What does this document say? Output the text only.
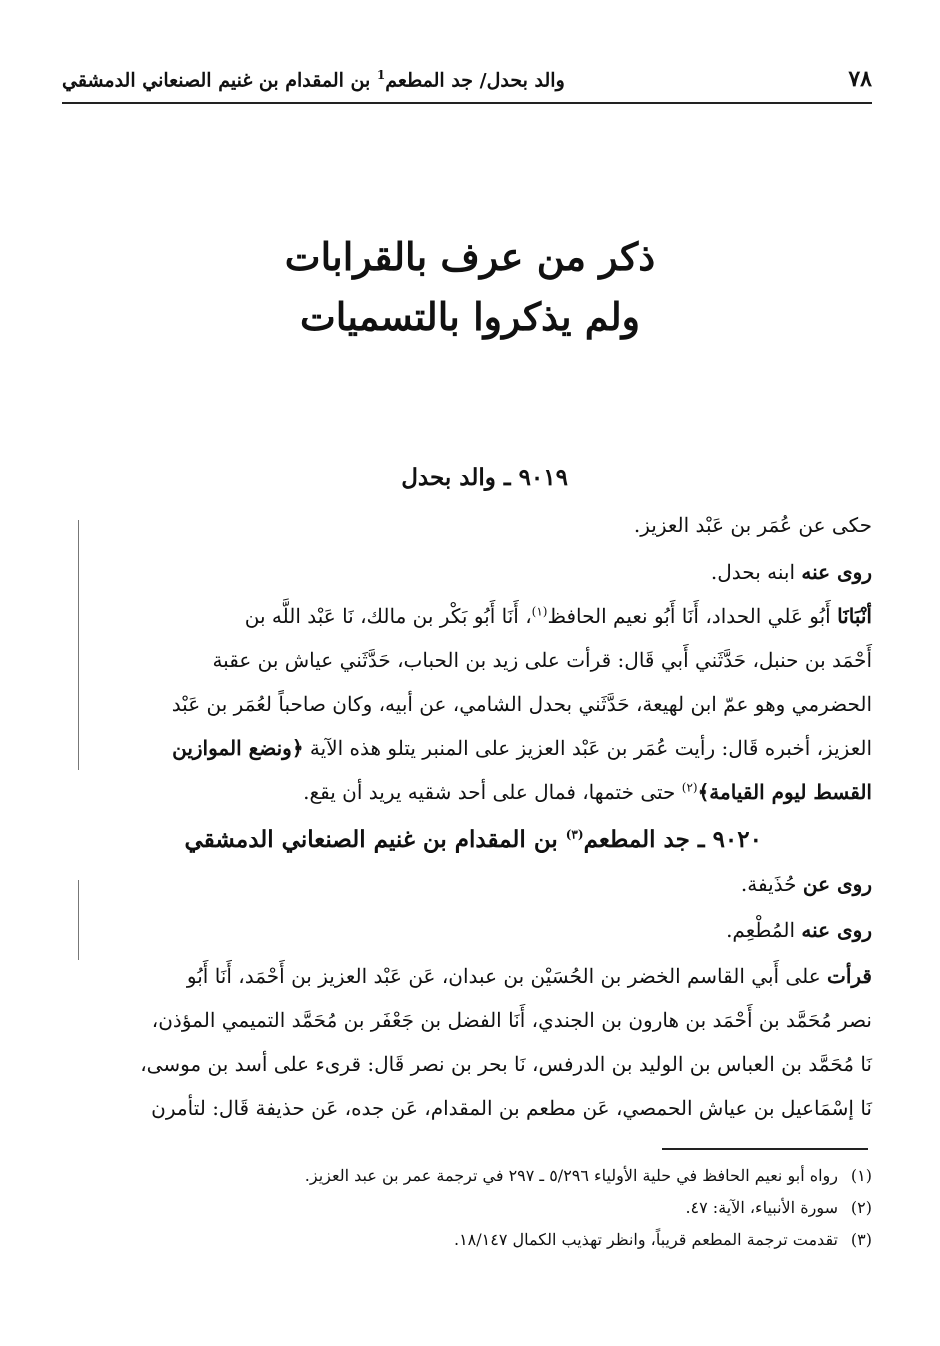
٧٨
والد بحدل/ جد المطعم$^1$ بن المقدام بن غنيم الصنعاني الدمشقي
ذكر من عرف بالقرابات
ولم يذكروا بالتسميات
٩٠١٩ ـ والد بحدل
حكى عن عُمَر بن عَبْد العزيز.
روى عنه ابنه بحدل.
أنْبَانَا أَبُو عَلي الحداد، أَنَا أَبُو نعيم الحافظ$^{(١)}$، أَنَا أَبُو بَكْر بن مالك، نَا عَبْد اللَّه بن
أَحْمَد بن حنبل، حَدَّثَني أَبي قَال: قرأت على زيد بن الحباب، حَدَّثَني عياش بن عقبة
الحضرمي وهو عمّ ابن لهيعة، حَدَّثَني بحدل الشامي، عن أبيه، وكان صاحباً لعُمَر بن عَبْد
العزيز، أخبره قَال: رأيت عُمَر بن عَبْد العزيز على المنبر يتلو هذه الآية ﴿ونضع الموازين
القسط ليوم القيامة﴾$^{(٢)}$ حتى ختمها، فمال على أحد شقيه يريد أن يقع.
٩٠٢٠ ـ جد المطعم$^{(٣)}$ بن المقدام بن غنيم الصنعاني الدمشقي
روى عن حُذَيفة.
روى عنه المُطْعِم.
قرأت على أَبي القاسم الخضر بن الحُسَيْن بن عبدان، عَن عَبْد العزيز بن أَحْمَد، أَنَا أَبُو
نصر مُحَمَّد بن أَحْمَد بن هارون بن الجندي، أَنَا الفضل بن جَعْفَر بن مُحَمَّد التميمي المؤذن،
نَا مُحَمَّد بن العباس بن الوليد بن الدرفس، نَا بحر بن نصر قَال: قرىء على أسد بن موسى،
نَا إسْمَاعيل بن عياش الحمصي، عَن مطعم بن المقدام، عَن جده، عَن حذيفة قَال: لتأمرن
(١)رواه أبو نعيم الحافظ في حلية الأولياء ٥/٢٩٦ ـ ٢٩٧ في ترجمة عمر بن عبد العزيز.
(٢)سورة الأنبياء، الآية: ٤٧.
(٣)تقدمت ترجمة المطعم قريباً، وانظر تهذيب الكمال ١٨/١٤٧.
